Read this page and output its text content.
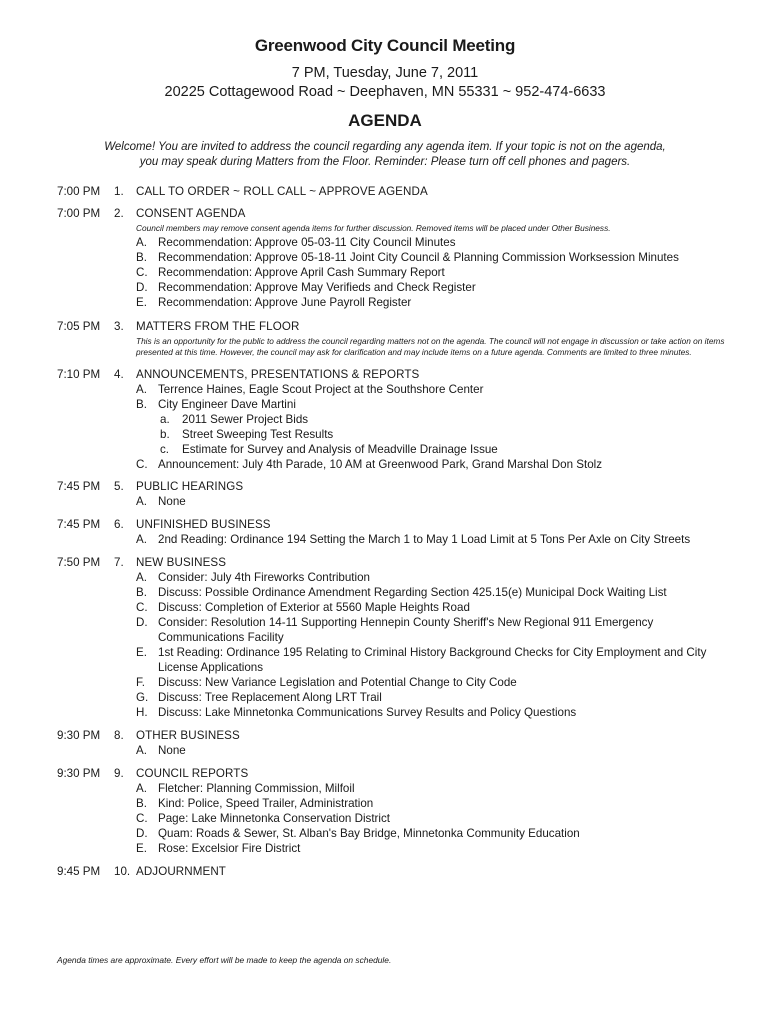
Greenwood City Council Meeting
7 PM, Tuesday, June 7, 2011
20225 Cottagewood Road ~ Deephaven, MN 55331 ~ 952-474-6633
AGENDA
Welcome! You are invited to address the council regarding any agenda item. If your topic is not on the agenda,
you may speak during Matters from the Floor. Reminder: Please turn off cell phones and pagers.
7:00 PM 1. CALL TO ORDER ~ ROLL CALL ~ APPROVE AGENDA
7:00 PM 2. CONSENT AGENDA
Council members may remove consent agenda items for further discussion. Removed items will be placed under Other Business.
A. Recommendation: Approve 05-03-11 City Council Minutes
B. Recommendation: Approve 05-18-11 Joint City Council & Planning Commission Worksession Minutes
C. Recommendation: Approve April Cash Summary Report
D. Recommendation: Approve May Verifieds and Check Register
E. Recommendation: Approve June Payroll Register
7:05 PM 3. MATTERS FROM THE FLOOR
This is an opportunity for the public to address the council regarding matters not on the agenda. The council will not engage in discussion or take action on items presented at this time. However, the council may ask for clarification and may include items on a future agenda. Comments are limited to three minutes.
7:10 PM 4. ANNOUNCEMENTS, PRESENTATIONS & REPORTS
A. Terrence Haines, Eagle Scout Project at the Southshore Center
B. City Engineer Dave Martini
a. 2011 Sewer Project Bids
b. Street Sweeping Test Results
c. Estimate for Survey and Analysis of Meadville Drainage Issue
C. Announcement: July 4th Parade, 10 AM at Greenwood Park, Grand Marshal Don Stolz
7:45 PM 5. PUBLIC HEARINGS
A. None
7:45 PM 6. UNFINISHED BUSINESS
A. 2nd Reading: Ordinance 194 Setting the March 1 to May 1 Load Limit at 5 Tons Per Axle on City Streets
7:50 PM 7. NEW BUSINESS
A. Consider: July 4th Fireworks Contribution
B. Discuss: Possible Ordinance Amendment Regarding Section 425.15(e) Municipal Dock Waiting List
C. Discuss: Completion of Exterior at 5560 Maple Heights Road
D. Consider: Resolution 14-11 Supporting Hennepin County Sheriff's New Regional 911 Emergency Communications Facility
E. 1st Reading: Ordinance 195 Relating to Criminal History Background Checks for City Employment and City License Applications
F. Discuss: New Variance Legislation and Potential Change to City Code
G. Discuss: Tree Replacement Along LRT Trail
H. Discuss: Lake Minnetonka Communications Survey Results and Policy Questions
9:30 PM 8. OTHER BUSINESS
A. None
9:30 PM 9. COUNCIL REPORTS
A. Fletcher: Planning Commission, Milfoil
B. Kind: Police, Speed Trailer, Administration
C. Page: Lake Minnetonka Conservation District
D. Quam: Roads & Sewer, St. Alban's Bay Bridge, Minnetonka Community Education
E. Rose: Excelsior Fire District
9:45 PM 10. ADJOURNMENT
Agenda times are approximate. Every effort will be made to keep the agenda on schedule.
